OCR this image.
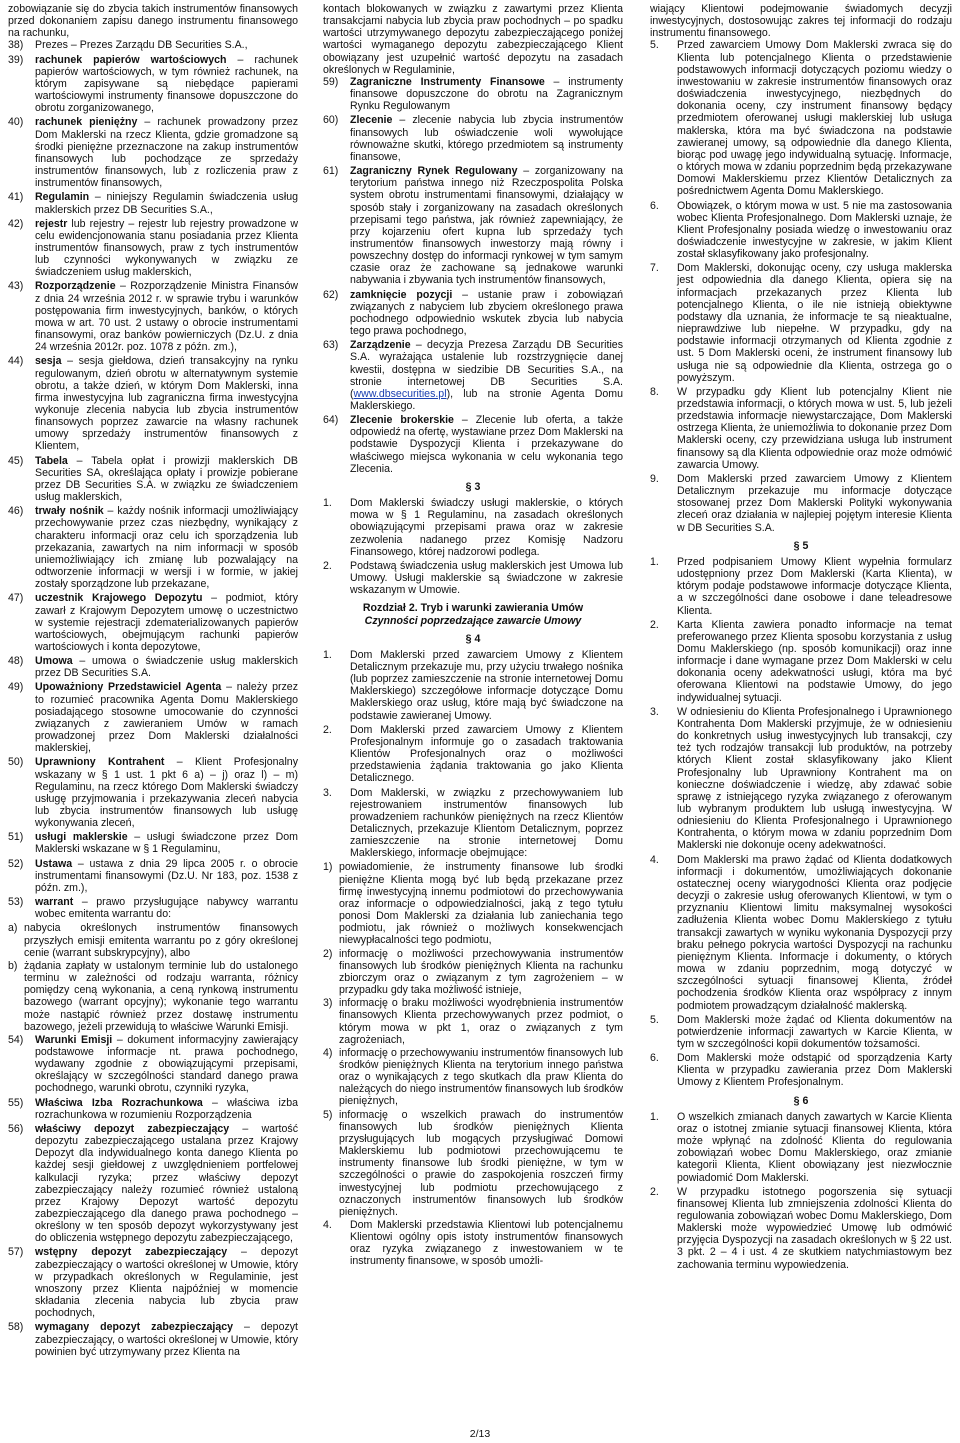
zobowiązanie się do zbycia takich instrumentów finansowych przed dokonaniem zapisu danego instrumentu finansowego na rachunku,

38) Prezes – Prezes Zarządu DB Securities S.A.,
39) rachunek papierów wartościowych – rachunek papierów wartościowych, w tym również rachunek, na którym zapisywane są niebędące papierami wartościowymi instrumenty finansowe dopuszczone do obrotu zorganizowanego,
40) rachunek pieniężny – rachunek prowadzony przez Dom Maklerski na rzecz Klienta, gdzie gromadzone są środki pieniężne przeznaczone na zakup instrumentów finansowych lub pochodzące ze sprzedaży instrumentów finansowych, lub z rozliczenia praw z instrumentów finansowych,
41) Regulamin – niniejszy Regulamin świadczenia usług maklerskich przez DB Securities S.A.,
42) rejestr lub rejestry – rejestr lub rejestry prowadzone w celu ewidencjonowania stanu posiadania przez Klienta instrumentów finansowych, praw z tych instrumentów lub czynności wykonywanych w związku ze świadczeniem usług maklerskich,
43) Rozporządzenie – Rozporządzenie Ministra Finansów z dnia 24 września 2012 r. w sprawie trybu i warunków postępowania firm inwestycyjnych, banków, o których mowa w art. 70 ust. 2 ustawy o obrocie instrumentami finansowymi, oraz banków powierniczych (Dz.U. z dnia 24 września 2012r. poz. 1078 z późn. zm.),
44) sesja – sesja giełdowa, dzień transakcyjny na rynku regulowanym, dzień obrotu w alternatywnym systemie obrotu, a także dzień, w którym Dom Maklerski, inna firma inwestycyjna lub zagraniczna firma inwestycyjna wykonuje zlecenia nabycia lub zbycia instrumentów finansowych poprzez zawarcie na własny rachunek umowy sprzedaży instrumentów finansowych z Klientem,
45) Tabela – Tabela opłat i prowizji maklerskich DB Securities SA, określająca opłaty i prowizje pobierane przez DB Securities S.A. w związku ze świadczeniem usług maklerskich,
46) trwały nośnik – każdy nośnik informacji umożliwiający przechowywanie przez czas niezbędny, wynikający z charakteru informacji oraz celu ich sporządzenia lub przekazania, zawartych na nim informacji w sposób uniemożliwiający ich zmianę lub pozwalający na odtworzenie informacji w wersji i w formie, w jakiej zostały sporządzone lub przekazane,
47) uczestnik Krajowego Depozytu – podmiot, który zawarł z Krajowym Depozytem umowę o uczestnictwo w systemie rejestracji zdematerializowanych papierów wartościowych, obejmującym rachunki papierów wartościowych i konta depozytowe,
48) Umowa – umowa o świadczenie usług maklerskich przez DB Securities S.A.
49) Upoważniony Przedstawiciel Agenta – należy przez to rozumieć pracownika Agenta Domu Maklerskiego posiadającego stosowne umocowanie do czynności związanych z zawieraniem Umów w ramach prowadzonej przez Dom Maklerski działalności maklerskiej,
50) Uprawniony Kontrahent – Klient Profesjonalny wskazany w § 1 ust. 1 pkt 6 a) – j) oraz l) – m) Regulaminu, na rzecz którego Dom Maklerski świadczy usługę przyjmowania i przekazywania zleceń nabycia lub zbycia instrumentów finansowych lub usługę wykonywania zleceń,
51) usługi maklerskie – usługi świadczone przez Dom Maklerski wskazane w § 1 Regulaminu,
52) Ustawa – ustawa z dnia 29 lipca 2005 r. o obrocie instrumentami finansowymi (Dz.U. Nr 183, poz. 1538 z późn. zm.),
53) warrant – prawo przysługujące nabywcy warrantu wobec emitenta warrantu do:
a) nabycia określonych instrumentów finansowych przyszłych emisji emitenta warrantu po z góry określonej cenie (warrant subskrypcyjny), albo
b) żądania zapłaty w ustalonym terminie lub do ustalonego terminu w zależności od rodzaju warranta, różnicy pomiędzy ceną wykonania, a ceną rynkową instrumentu bazowego (warrant opcyjny); wykonanie tego warrantu może nastąpić również przez dostawę instrumentu bazowego, jeżeli przewidują to właściwe Warunki Emisji.
54) Warunki Emisji – dokument informacyjny zawierający podstawowe informacje nt. prawa pochodnego, wydawany zgodnie z obowiązującymi przepisami, określający w szczególności standard danego prawa pochodnego, warunki obrotu, czynniki ryzyka,
55) Właściwa Izba Rozrachunkowa – właściwa izba rozrachunkowa w rozumieniu Rozporządzenia
56) właściwy depozyt zabezpieczający – wartość depozytu zabezpieczającego ustalana przez Krajowy Depozyt dla indywidualnego konta danego Klienta po każdej sesji giełdowej z uwzględnieniem portfelowej kalkulacji ryzyka; przez właściwy depozyt zabezpieczający należy rozumieć również ustaloną przez Krajowy Depozyt wartość depozytu zabezpieczającego dla danego prawa pochodnego – określony w ten sposób depozyt wykorzystywany jest do obliczenia wstępnego depozytu zabezpieczającego,
57) wstępny depozyt zabezpieczający – depozyt zabezpieczający o wartości określonej w Umowie, który w przypadkach określonych w Regulaminie, jest wnoszony przez Klienta najpóźniej w momencie składania zlecenia nabycia lub zbycia praw pochodnych,
58) wymagany depozyt zabezpieczający – depozyt zabezpieczający, o wartości określonej w Umowie, który powinien być utrzymywany przez Klienta na

kontach blokowanych w związku z zawartymi przez Klienta transakcjami nabycia lub zbycia praw pochodnych – po spadku wartości utrzymywanego depozytu zabezpieczającego poniżej wartości wymaganego depozytu zabezpieczającego Klient obowiązany jest uzupełnić wartość depozytu na zasadach określonych w Regulaminie,

59) Zagraniczne Instrumenty Finansowe – instrumenty finansowe dopuszczone do obrotu na Zagranicznym Rynku Regulowanym
60) Zlecenie – zlecenie nabycia lub zbycia instrumentów finansowych lub oświadczenie woli wywołujące równoważne skutki, którego przedmiotem są instrumenty finansowe,
61) Zagraniczny Rynek Regulowany – zorganizowany na terytorium państwa innego niż Rzeczpospolita Polska system obrotu instrumentami finansowymi, działający w sposób stały i zorganizowany na zasadach określonych przepisami tego państwa, jak również zapewniający, że przy kojarzeniu ofert kupna lub sprzedaży tych instrumentów finansowych inwestorzy mają równy i powszechny dostęp do informacji rynkowej w tym samym czasie oraz że zachowane są jednakowe warunki nabywania i zbywania tych instrumentów finansowych,
62) zamknięcie pozycji – ustanie praw i zobowiązań związanych z nabyciem lub zbyciem określonego prawa pochodnego odpowiednio wskutek zbycia lub nabycia tego prawa pochodnego,
63) Zarządzenie – decyzja Prezesa Zarządu DB Securities S.A. wyrażająca ustalenie lub rozstrzygnięcie danej kwestii, dostępna w siedzibie DB Securities S.A., na stronie internetowej DB Securities S.A. (www.dbsecurities.pl), lub na stronie Agenta Domu Maklerskiego.
64) Zlecenie brokerskie – Zlecenie lub oferta, a także odpowiedź na ofertę, wystawiane przez Dom Maklerski na podstawie Dyspozycji Klienta i przekazywane do właściwego miejsca wykonania w celu wykonania tego Zlecenia.
§ 3
1. Dom Maklerski świadczy usługi maklerskie, o których mowa w § 1 Regulaminu, na zasadach określonych obowiązującymi przepisami prawa oraz w zakresie zezwolenia nadanego przez Komisję Nadzoru Finansowego, której nadzorowi podlega.
2. Podstawą świadczenia usług maklerskich jest Umowa lub Umowy. Usługi maklerskie są świadczone w zakresie wskazanym w Umowie.
Rozdział 2. Tryb i warunki zawierania Umów
Czynności poprzedzające zawarcie Umowy
§ 4
1. Dom Maklerski przed zawarciem Umowy z Klientem Detalicznym przekazuje mu, przy użyciu trwałego nośnika (lub poprzez zamieszczenie na stronie internetowej Domu Maklerskiego) szczegółowe informacje dotyczące Domu Maklerskiego oraz usług, które mają być świadczone na podstawie zawieranej Umowy.
2. Dom Maklerski przed zawarciem Umowy z Klientem Profesjonalnym informuje go o zasadach traktowania Klientów Profesjonalnych oraz o możliwości przedstawienia żądania traktowania go jako Klienta Detalicznego.
3. Dom Maklerski, w związku z przechowywaniem lub rejestrowaniem instrumentów finansowych lub prowadzeniem rachunków pieniężnych na rzecz Klientów Detalicznych, przekazuje Klientom Detalicznym, poprzez zamieszczenie na stronie internetowej Domu Maklerskiego, informacje obejmujące:
1) powiadomienie, że instrumenty finansowe lub środki pieniężne Klienta mogą być lub będą przekazane przez firmę inwestycyjną innemu podmiotowi do przechowywania oraz informacje o odpowiedzialności, jaką z tego tytułu ponosi Dom Maklerski za działania lub zaniechania tego podmiotu, jak również o możliwych konsekwencjach niewypłacalności tego podmiotu,
2) informację o możliwości przechowywania instrumentów finansowych lub środków pieniężnych Klienta na rachunku zbiorczym oraz o związanym z tym zagrożeniem – w przypadku gdy taka możliwość istnieje,
3) informację o braku możliwości wyodrębnienia instrumentów finansowych Klienta przechowywanych przez podmiot, o którym mowa w pkt 1, oraz o związanych z tym zagrożeniach,
4) informację o przechowywaniu instrumentów finansowych lub środków pieniężnych Klienta na terytorium innego państwa oraz o wynikających z tego skutkach dla praw Klienta do należących do niego instrumentów finansowych lub środków pieniężnych,
5) informację o wszelkich prawach do instrumentów finansowych lub środków pieniężnych Klienta przysługujących lub mogących przysługiwać Domowi Maklerskiemu lub podmiotowi przechowującemu te instrumenty finansowe lub środki pieniężne, w tym w szczególności o prawie do zaspokojenia roszczeń firmy inwestycyjnej lub podmiotu przechowującego z oznaczonych instrumentów finansowych lub środków pieniężnych.
4. Dom Maklerski przedstawia Klientowi lub potencjalnemu Klientowi ogólny opis istoty instrumentów finansowych oraz ryzyka związanego z inwestowaniem w te instrumenty finansowe, w sposób umożli-

wiający Klientowi podejmowanie świadomych decyzji inwestycyjnych, dostosowując zakres tej informacji do rodzaju instrumentu finansowego.

5. Przed zawarciem Umowy Dom Maklerski zwraca się do Klienta lub potencjalnego Klienta o przedstawienie podstawowych informacji dotyczących poziomu wiedzy o inwestowaniu w zakresie instrumentów finansowych oraz doświadczenia inwestycyjnego, niezbędnych do dokonania oceny, czy instrument finansowy będący przedmiotem oferowanej usługi maklerskiej lub usługa maklerska, która ma być świadczona na podstawie zawieranej umowy, są odpowiednie dla danego Klienta, biorąc pod uwagę jego indywidualną sytuację. Informacje, o których mowa w zdaniu poprzednim będą przekazywane Domowi Maklerskiemu przez Klientów Detalicznych za pośrednictwem Agenta Domu Maklerskiego.
6. Obowiązek, o którym mowa w ust. 5 nie ma zastosowania wobec Klienta Profesjonalnego. Dom Maklerski uznaje, że Klient Profesjonalny posiada wiedzę o inwestowaniu oraz doświadczenie inwestycyjne w zakresie, w jakim Klient został sklasyfikowany jako profesjonalny.
7. Dom Maklerski, dokonując oceny, czy usługa maklerska jest odpowiednia dla danego Klienta, opiera się na informacjach przekazanych przez Klienta lub potencjalnego Klienta, o ile nie istnieją obiektywne podstawy dla uznania, że informacje te są nieaktualne, nieprawdziwe lub niepełne. W przypadku, gdy na podstawie informacji otrzymanych od Klienta zgodnie z ust. 5 Dom Maklerski oceni, że instrument finansowy lub usługa nie są odpowiednie dla Klienta, ostrzega go o powyższym.
8. W przypadku gdy Klient lub potencjalny Klient nie przedstawia informacji, o których mowa w ust. 5, lub jeżeli przedstawia informacje niewystarczające, Dom Maklerski ostrzega Klienta, że uniemożliwia to dokonanie przez Dom Maklerski oceny, czy przewidziana usługa lub instrument finansowy są dla Klienta odpowiednie oraz może odmówić zawarcia Umowy.
9. Dom Maklerski przed zawarciem Umowy z Klientem Detalicznym przekazuje mu informacje dotyczące stosowanej przez Dom Maklerski Polityki wykonywania zleceń oraz działania w najlepiej pojętym interesie Klienta w DB Securities S.A.
§ 5
1. Przed podpisaniem Umowy Klient wypełnia formularz udostępniony przez Dom Maklerski (Karta Klienta), w którym podaje podstawowe informacje dotyczące Klienta, a w szczególności dane osobowe i dane teleadresowe Klienta.
2. Karta Klienta zawiera ponadto informacje na temat preferowanego przez Klienta sposobu korzystania z usług Domu Maklerskiego (np. sposób komunikacji) oraz inne informacje i dane wymagane przez Dom Maklerski w celu dokonania oceny adekwatności usługi, która ma być oferowana Klientowi na podstawie Umowy, do jego indywidualnej sytuacji.
3. W odniesieniu do Klienta Profesjonalnego i Uprawnionego Kontrahenta Dom Maklerski przyjmuje, że w odniesieniu do konkretnych usług inwestycyjnych lub transakcji, czy też tych rodzajów transakcji lub produktów, na potrzeby których Klient został sklasyfikowany jako Klient Profesjonalny lub Uprawniony Kontrahent ma on konieczne doświadczenie i wiedzę, aby zdawać sobie sprawę z istniejącego ryzyka związanego z oferowanym lub wybranym produktem lub usługą inwestycyjną. W odniesieniu do Klienta Profesjonalnego i Uprawnionego Kontrahenta, o którym mowa w zdaniu poprzednim Dom Maklerski nie dokonuje oceny adekwatności.
4. Dom Maklerski ma prawo żądać od Klienta dodatkowych informacji i dokumentów, umożliwiających dokonanie ostatecznej oceny wiarygodności Klienta oraz podjęcie decyzji o zakresie usług oferowanych Klientowi, w tym o przyznaniu Klientowi limitu maksymalnej wysokości zadłużenia Klienta wobec Domu Maklerskiego z tytułu transakcji zawartych w wyniku wykonania Dyspozycji przy braku pełnego pokrycia wartości Dyspozycji na rachunku pieniężnym Klienta. Informacje i dokumenty, o których mowa w zdaniu poprzednim, mogą dotyczyć w szczególności sytuacji finansowej Klienta, źródeł pochodzenia środków Klienta oraz współpracy z innym podmiotem prowadzącym działalność maklerską.
5. Dom Maklerski może żądać od Klienta dokumentów na potwierdzenie informacji zawartych w Karcie Klienta, w tym w szczególności kopii dokumentów tożsamości.
6. Dom Maklerski może odstąpić od sporządzenia Karty Klienta w przypadku zawierania przez Dom Maklerski Umowy z Klientem Profesjonalnym.
§ 6
1. O wszelkich zmianach danych zawartych w Karcie Klienta oraz o istotnej zmianie sytuacji finansowej Klienta, która może wpłynąć na zdolność Klienta do regulowania zobowiązań wobec Domu Maklerskiego, oraz zmianie kategorii Klienta, Klient obowiązany jest niezwłocznie powiadomić Dom Maklerski.
2. W przypadku istotnego pogorszenia się sytuacji finansowej Klienta lub zmniejszenia zdolności Klienta do regulowania zobowiązań wobec Domu Maklerskiego, Dom Maklerski może wypowiedzieć Umowę lub odmówić przyjęcia Dyspozycji na zasadach określonych w § 22 ust. 3 pkt. 2 – 4 i ust. 4 ze skutkiem natychmiastowym bez zachowania terminu wypowiedzenia.
2/13
